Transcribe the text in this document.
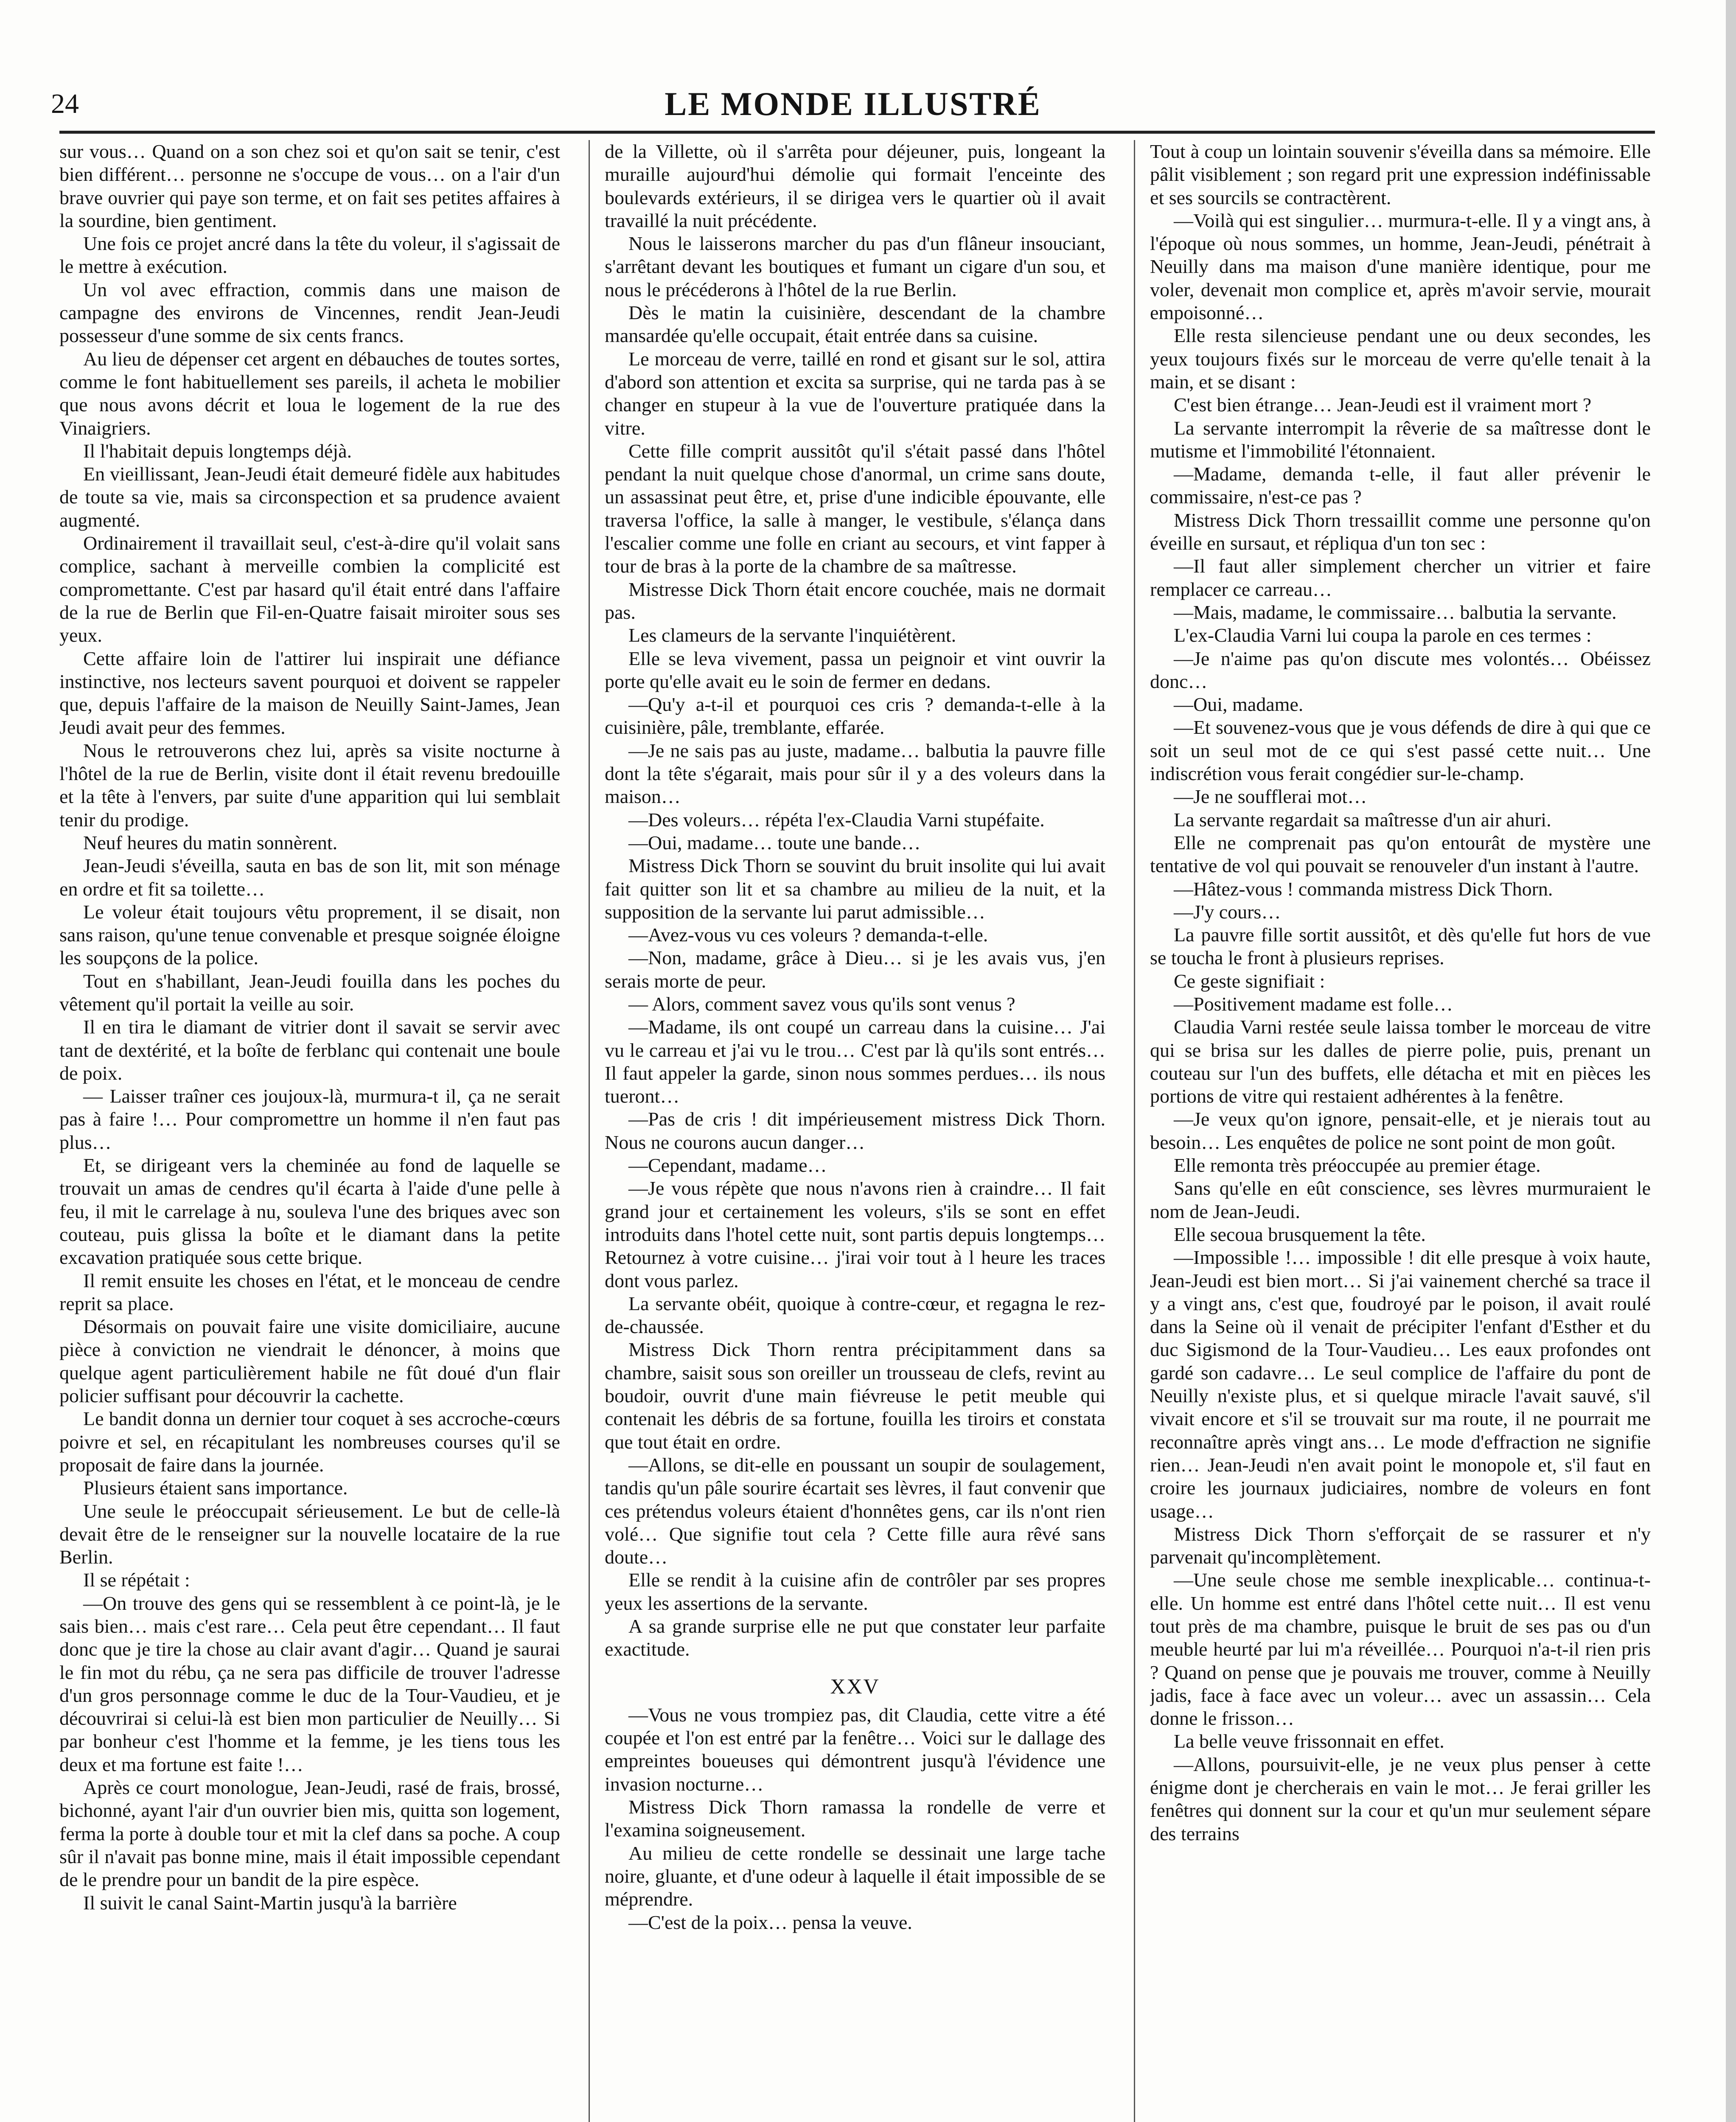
24	LE MONDE ILLUSTRÉ

sur vous… Quand on a son chez soi et qu'on sait se tenir, c'est bien différent… personne ne s'occupe de vous… on a l'air d'un brave ouvrier qui paye son terme, et on fait ses petites affaires à la sourdine, bien gentiment.

Une fois ce projet ancré dans la tête du voleur, il s'agissait de le mettre à exécution.

Un vol avec effraction, commis dans une maison de campagne des environs de Vincennes, rendit Jean-Jeudi possesseur d'une somme de six cents francs.

Au lieu de dépenser cet argent en débauches de toutes sortes, comme le font habituellement ses pareils, il acheta le mobilier que nous avons décrit et loua le logement de la rue des Vinaigriers.

Il l'habitait depuis longtemps déjà.

En vieillissant, Jean-Jeudi était demeuré fidèle aux habitudes de toute sa vie, mais sa circonspection et sa prudence avaient augmenté.

Ordinairement il travaillait seul, c'est-à-dire qu'il volait sans complice, sachant à merveille combien la complicité est compromettante. C'est par hasard qu'il était entré dans l'affaire de la rue de Berlin que Fil-en-Quatre faisait miroiter sous ses yeux.

Cette affaire loin de l'attirer lui inspirait une défiance instinctive, nos lecteurs savent pourquoi et doivent se rappeler que, depuis l'affaire de la maison de Neuilly Saint-James, Jean Jeudi avait peur des femmes.

Nous le retrouverons chez lui, après sa visite nocturne à l'hôtel de la rue de Berlin, visite dont il était revenu bredouille et la tête à l'envers, par suite d'une apparition qui lui semblait tenir du prodige.

Neuf heures du matin sonnèrent.

Jean-Jeudi s'éveilla, sauta en bas de son lit, mit son ménage en ordre et fit sa toilette…

Le voleur était toujours vêtu proprement, il se disait, non sans raison, qu'une tenue convenable et presque soignée éloigne les soupçons de la police.

Tout en s'habillant, Jean-Jeudi fouilla dans les poches du vêtement qu'il portait la veille au soir.

Il en tira le diamant de vitrier dont il savait se servir avec tant de dextérité, et la boîte de ferblanc qui contenait une boule de poix.

— Laisser traîner ces joujoux-là, murmura-t il, ça ne serait pas à faire !… Pour compromettre un homme il n'en faut pas plus…

Et, se dirigeant vers la cheminée au fond de laquelle se trouvait un amas de cendres qu'il écarta à l'aide d'une pelle à feu, il mit le carrelage à nu, souleva l'une des briques avec son couteau, puis glissa la boîte et le diamant dans la petite excavation pratiquée sous cette brique.

Il remit ensuite les choses en l'état, et le monceau de cendre reprit sa place.

Désormais on pouvait faire une visite domiciliaire, aucune pièce à conviction ne viendrait le dénoncer, à moins que quelque agent particulièrement habile ne fût doué d'un flair policier suffisant pour découvrir la cachette.

Le bandit donna un dernier tour coquet à ses accroche-cœurs poivre et sel, en récapitulant les nombreuses courses qu'il se proposait de faire dans la journée.

Plusieurs étaient sans importance.

Une seule le préoccupait sérieusement. Le but de celle-là devait être de le renseigner sur la nouvelle locataire de la rue Berlin.

Il se répétait :

—On trouve des gens qui se ressemblent à ce point-là, je le sais bien… mais c'est rare… Cela peut être cependant… Il faut donc que je tire la chose au clair avant d'agir… Quand je saurai le fin mot du rébu, ça ne sera pas difficile de trouver l'adresse d'un gros personnage comme le duc de la Tour-Vaudieu, et je découvrirai si celui-là est bien mon particulier de Neuilly… Si par bonheur c'est l'homme et la femme, je les tiens tous les deux et ma fortune est faite !…

Après ce court monologue, Jean-Jeudi, rasé de frais, brossé, bichonné, ayant l'air d'un ouvrier bien mis, quitta son logement, ferma la porte à double tour et mit la clef dans sa poche. A coup sûr il n'avait pas bonne mine, mais il était impossible cependant de le prendre pour un bandit de la pire espèce.

Il suivit le canal Saint-Martin jusqu'à la barrière

de la Villette, où il s'arrêta pour déjeuner, puis, longeant la muraille aujourd'hui démolie qui formait l'enceinte des boulevards extérieurs, il se dirigea vers le quartier où il avait travaillé la nuit précédente.

Nous le laisserons marcher du pas d'un flâneur insouciant, s'arrêtant devant les boutiques et fumant un cigare d'un sou, et nous le précéderons à l'hôtel de la rue Berlin.

Dès le matin la cuisinière, descendant de la chambre mansardée qu'elle occupait, était entrée dans sa cuisine.

Le morceau de verre, taillé en rond et gisant sur le sol, attira d'abord son attention et excita sa surprise, qui ne tarda pas à se changer en stupeur à la vue de l'ouverture pratiquée dans la vitre.

Cette fille comprit aussitôt qu'il s'était passé dans l'hôtel pendant la nuit quelque chose d'anormal, un crime sans doute, un assassinat peut être, et, prise d'une indicible épouvante, elle traversa l'office, la salle à manger, le vestibule, s'élança dans l'escalier comme une folle en criant au secours, et vint fapper à tour de bras à la porte de la chambre de sa maîtresse.

Mistresse Dick Thorn était encore couchée, mais ne dormait pas.

Les clameurs de la servante l'inquiétèrent.

Elle se leva vivement, passa un peignoir et vint ouvrir la porte qu'elle avait eu le soin de fermer en dedans.

—Qu'y a-t-il et pourquoi ces cris ? demanda-t-elle à la cuisinière, pâle, tremblante, effarée.

—Je ne sais pas au juste, madame… balbutia la pauvre fille dont la tête s'égarait, mais pour sûr il y a des voleurs dans la maison…

—Des voleurs… répéta l'ex-Claudia Varni stupéfaite.

—Oui, madame… toute une bande…

Mistress Dick Thorn se souvint du bruit insolite qui lui avait fait quitter son lit et sa chambre au milieu de la nuit, et la supposition de la servante lui parut admissible…

—Avez-vous vu ces voleurs ? demanda-t-elle.

—Non, madame, grâce à Dieu… si je les avais vus, j'en serais morte de peur.

— Alors, comment savez vous qu'ils sont venus ?

—Madame, ils ont coupé un carreau dans la cuisine… J'ai vu le carreau et j'ai vu le trou… C'est par là qu'ils sont entrés… Il faut appeler la garde, sinon nous sommes perdues… ils nous tueront…

—Pas de cris ! dit impérieusement mistress Dick Thorn. Nous ne courons aucun danger…

—Cependant, madame…

—Je vous répète que nous n'avons rien à craindre… Il fait grand jour et certainement les voleurs, s'ils se sont en effet introduits dans l'hotel cette nuit, sont partis depuis longtemps… Retournez à votre cuisine… j'irai voir tout à l heure les traces dont vous parlez.

La servante obéit, quoique à contre-cœur, et regagna le rez-de-chaussée.

Mistress Dick Thorn rentra précipitamment dans sa chambre, saisit sous son oreiller un trousseau de clefs, revint au boudoir, ouvrit d'une main fiévreuse le petit meuble qui contenait les débris de sa fortune, fouilla les tiroirs et constata que tout était en ordre.

—Allons, se dit-elle en poussant un soupir de soulagement, tandis qu'un pâle sourire écartait ses lèvres, il faut convenir que ces prétendus voleurs étaient d'honnêtes gens, car ils n'ont rien volé… Que signifie tout cela ? Cette fille aura rêvé sans doute…

Elle se rendit à la cuisine afin de contrôler par ses propres yeux les assertions de la servante.

A sa grande surprise elle ne put que constater leur parfaite exactitude.

XXV

—Vous ne vous trompiez pas, dit Claudia, cette vitre a été coupée et l'on est entré par la fenêtre… Voici sur le dallage des empreintes boueuses qui démontrent jusqu'à l'évidence une invasion nocturne…

Mistress Dick Thorn ramassa la rondelle de verre et l'examina soigneusement.

Au milieu de cette rondelle se dessinait une large tache noire, gluante, et d'une odeur à laquelle il était impossible de se méprendre.

—C'est de la poix… pensa la veuve.

Tout à coup un lointain souvenir s'éveilla dans sa mémoire. Elle pâlit visiblement ; son regard prit une expression indéfinissable et ses sourcils se contractèrent.

—Voilà qui est singulier… murmura-t-elle. Il y a vingt ans, à l'époque où nous sommes, un homme, Jean-Jeudi, pénétrait à Neuilly dans ma maison d'une manière identique, pour me voler, devenait mon complice et, après m'avoir servie, mourait empoisonné…

Elle resta silencieuse pendant une ou deux secondes, les yeux toujours fixés sur le morceau de verre qu'elle tenait à la main, et se disant :

C'est bien étrange… Jean-Jeudi est il vraiment mort ?

La servante interrompit la rêverie de sa maîtresse dont le mutisme et l'immobilité l'étonnaient.

—Madame, demanda t-elle, il faut aller prévenir le commissaire, n'est-ce pas ?

Mistress Dick Thorn tressaillit comme une personne qu'on éveille en sursaut, et répliqua d'un ton sec :

—Il faut aller simplement chercher un vitrier et faire remplacer ce carreau…

—Mais, madame, le commissaire… balbutia la servante.

L'ex-Claudia Varni lui coupa la parole en ces termes :

—Je n'aime pas qu'on discute mes volontés… Obéissez donc…

—Oui, madame.

—Et souvenez-vous que je vous défends de dire à qui que ce soit un seul mot de ce qui s'est passé cette nuit… Une indiscrétion vous ferait congédier sur-le-champ.

—Je ne soufflerai mot…

La servante regardait sa maîtresse d'un air ahuri.

Elle ne comprenait pas qu'on entourât de mystère une tentative de vol qui pouvait se renouveler d'un instant à l'autre.

—Hâtez-vous ! commanda mistress Dick Thorn.

—J'y cours…

La pauvre fille sortit aussitôt, et dès qu'elle fut hors de vue se toucha le front à plusieurs reprises.

Ce geste signifiait :

—Positivement madame est folle…

Claudia Varni restée seule laissa tomber le morceau de vitre qui se brisa sur les dalles de pierre polie, puis, prenant un couteau sur l'un des buffets, elle détacha et mit en pièces les portions de vitre qui restaient adhérentes à la fenêtre.

—Je veux qu'on ignore, pensait-elle, et je nierais tout au besoin… Les enquêtes de police ne sont point de mon goût.

Elle remonta très préoccupée au premier étage.

Sans qu'elle en eût conscience, ses lèvres murmuraient le nom de Jean-Jeudi.

Elle secoua brusquement la tête.

—Impossible !… impossible ! dit elle presque à voix haute, Jean-Jeudi est bien mort… Si j'ai vainement cherché sa trace il y a vingt ans, c'est que, foudroyé par le poison, il avait roulé dans la Seine où il venait de précipiter l'enfant d'Esther et du duc Sigismond de la Tour-Vaudieu… Les eaux profondes ont gardé son cadavre… Le seul complice de l'affaire du pont de Neuilly n'existe plus, et si quelque miracle l'avait sauvé, s'il vivait encore et s'il se trouvait sur ma route, il ne pourrait me reconnaître après vingt ans… Le mode d'effraction ne signifie rien… Jean-Jeudi n'en avait point le monopole et, s'il faut en croire les journaux judiciaires, nombre de voleurs en font usage…

Mistress Dick Thorn s'efforçait de se rassurer et n'y parvenait qu'incomplètement.

—Une seule chose me semble inexplicable… continua-t-elle. Un homme est entré dans l'hôtel cette nuit… Il est venu tout près de ma chambre, puisque le bruit de ses pas ou d'un meuble heurté par lui m'a réveillée… Pourquoi n'a-t-il rien pris ? Quand on pense que je pouvais me trouver, comme à Neuilly jadis, face à face avec un voleur… avec un assassin… Cela donne le frisson…

La belle veuve frissonnait en effet.

—Allons, poursuivit-elle, je ne veux plus penser à cette énigme dont je chercherais en vain le mot… Je ferai griller les fenêtres qui donnent sur la cour et qu'un mur seulement sépare des terrains
